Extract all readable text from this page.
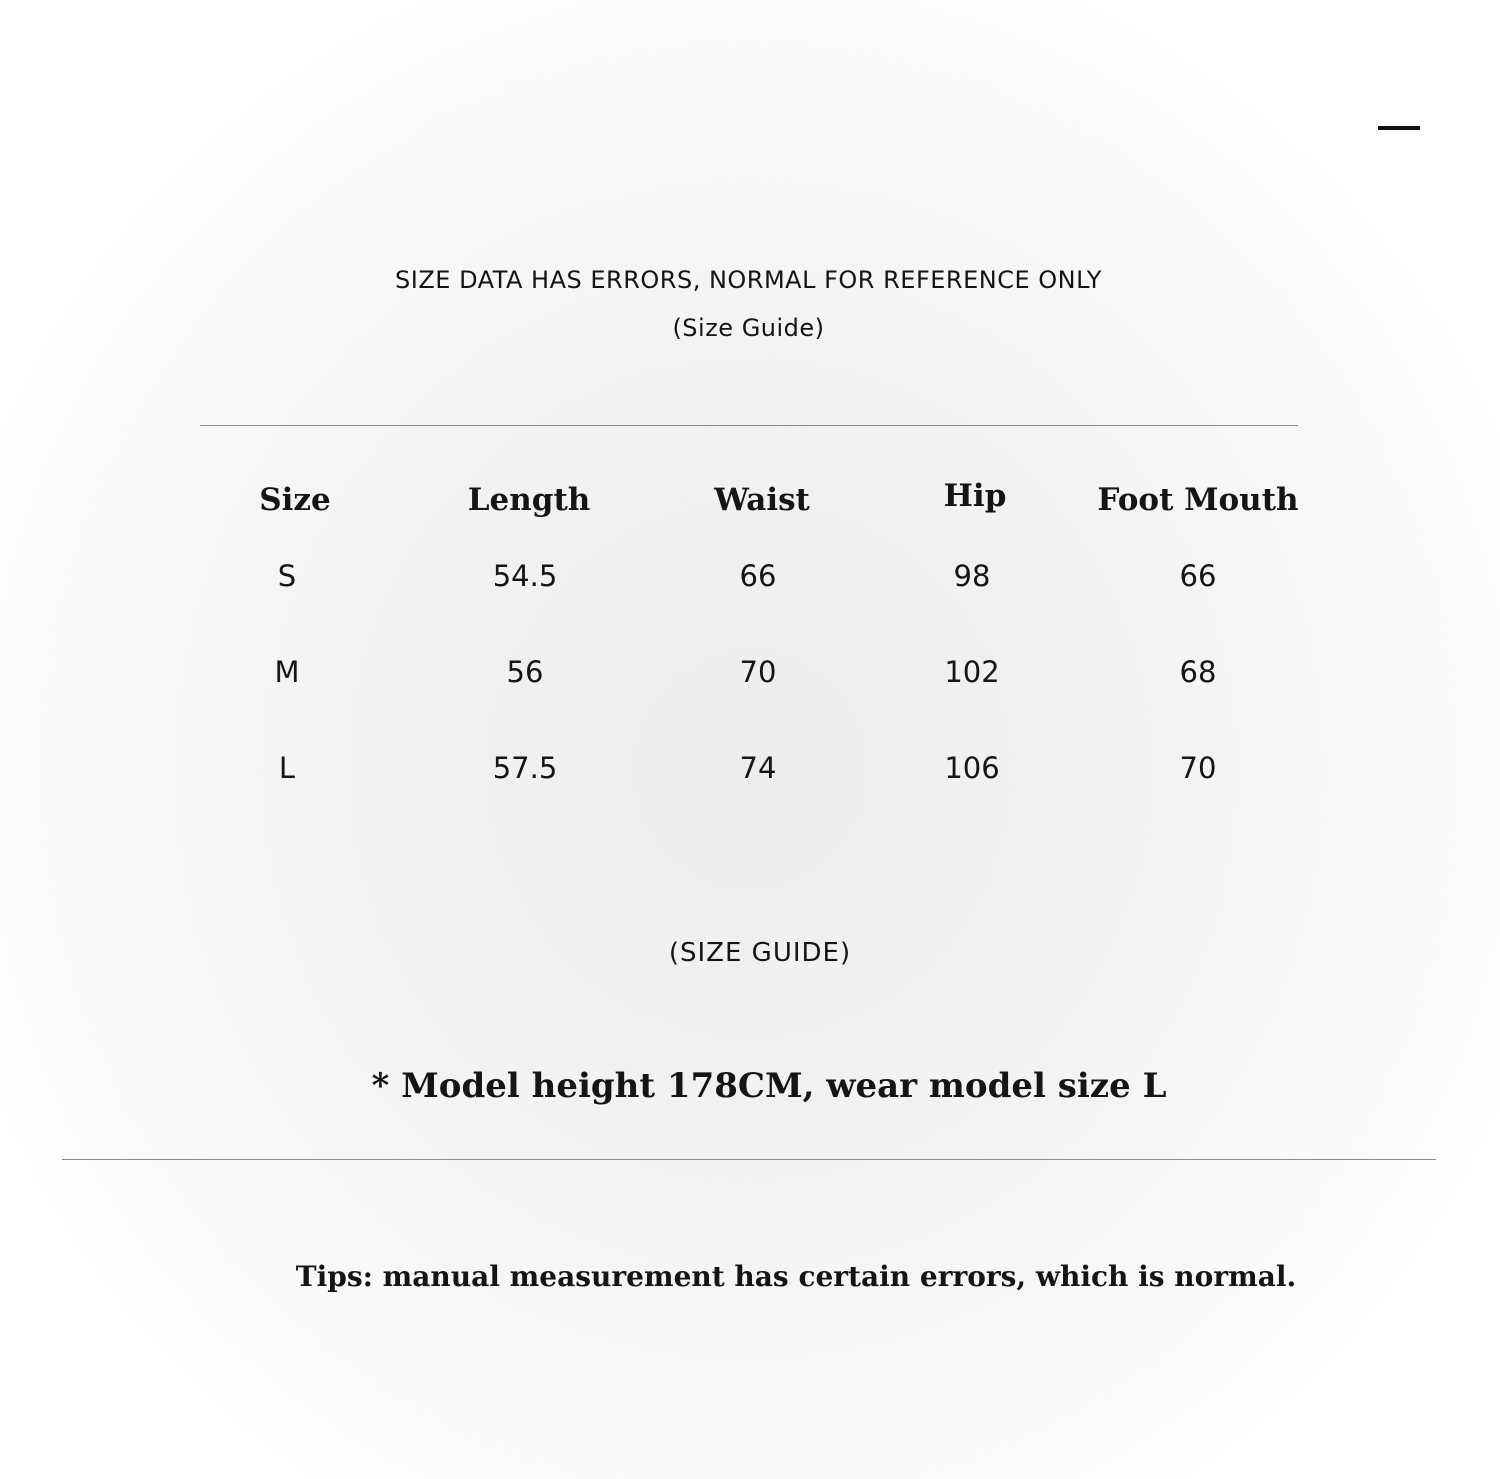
SIZE DATA HAS ERRORS, NORMAL FOR REFERENCE ONLY
(Size Guide)
Size	Length	Waist	Hip	Foot Mouth
S	54.5	66	98	66
M	56	70	102	68
L	57.5	74	106	70
(SIZE GUIDE)
* Model height 178CM, wear model size L
Tips: manual measurement has certain errors, which is normal.
